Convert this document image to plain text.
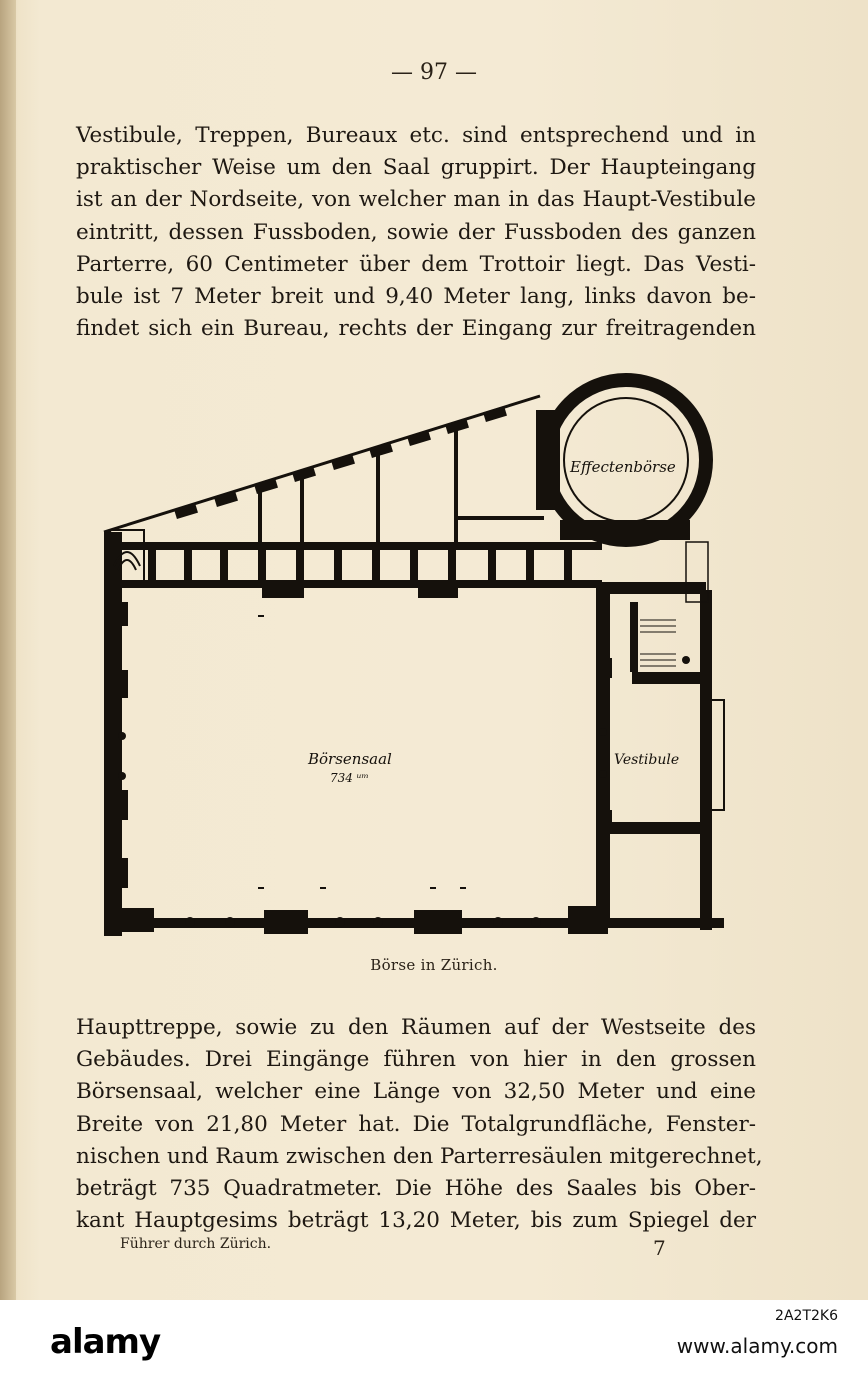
— 97 —
Vestibule, Treppen, Bureaux etc. sind entsprechend und in
praktischer Weise um den Saal gruppirt. Der Haupteingang
ist an der Nordseite, von welcher man in das Haupt-Vestibule
eintritt, dessen Fussboden, sowie der Fussboden des ganzen
Parterre, 60 Centimeter über dem Trottoir liegt. Das Vesti-
bule ist 7 Meter breit und 9,40 Meter lang, links davon be-
findet sich ein Bureau, rechts der Eingang zur freitragenden
Effectenbörse
Börsensaal
734 ᵘᵐ
Vestibule
Börse in Zürich.
Haupttreppe, sowie zu den Räumen auf der Westseite des
Gebäudes. Drei Eingänge führen von hier in den grossen
Börsensaal, welcher eine Länge von 32,50 Meter und eine
Breite von 21,80 Meter hat. Die Totalgrundfläche, Fenster-
nischen und Raum zwischen den Parterresäulen mitgerechnet,
beträgt 735 Quadratmeter. Die Höhe des Saales bis Ober-
kant Hauptgesims beträgt 13,20 Meter, bis zum Spiegel der
Führer durch Zürich.	7
alamy
2A2T2K6
www.alamy.com
